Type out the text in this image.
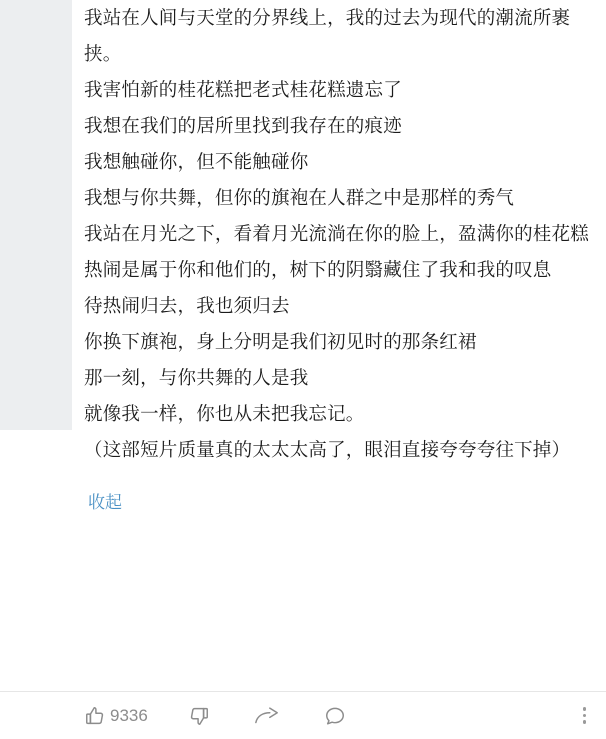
我站在人间与天堂的分界线上，我的过去为现代的潮流所裹挟。

我害怕新的桂花糕把老式桂花糕遗忘了

我想在我们的居所里找到我存在的痕迹

我想触碰你，但不能触碰你

我想与你共舞，但你的旗袍在人群之中是那样的秀气

我站在月光之下，看着月光流淌在你的脸上，盈满你的桂花糕

热闹是属于你和他们的，树下的阴翳藏住了我和我的叹息

待热闹归去，我也须归去

你换下旗袍，身上分明是我们初见时的那条红裙

那一刻，与你共舞的人是我

就像我一样，你也从未把我忘记。

（这部短片质量真的太太太高了，眼泪直接夸夸夸往下掉）

收起
9336
